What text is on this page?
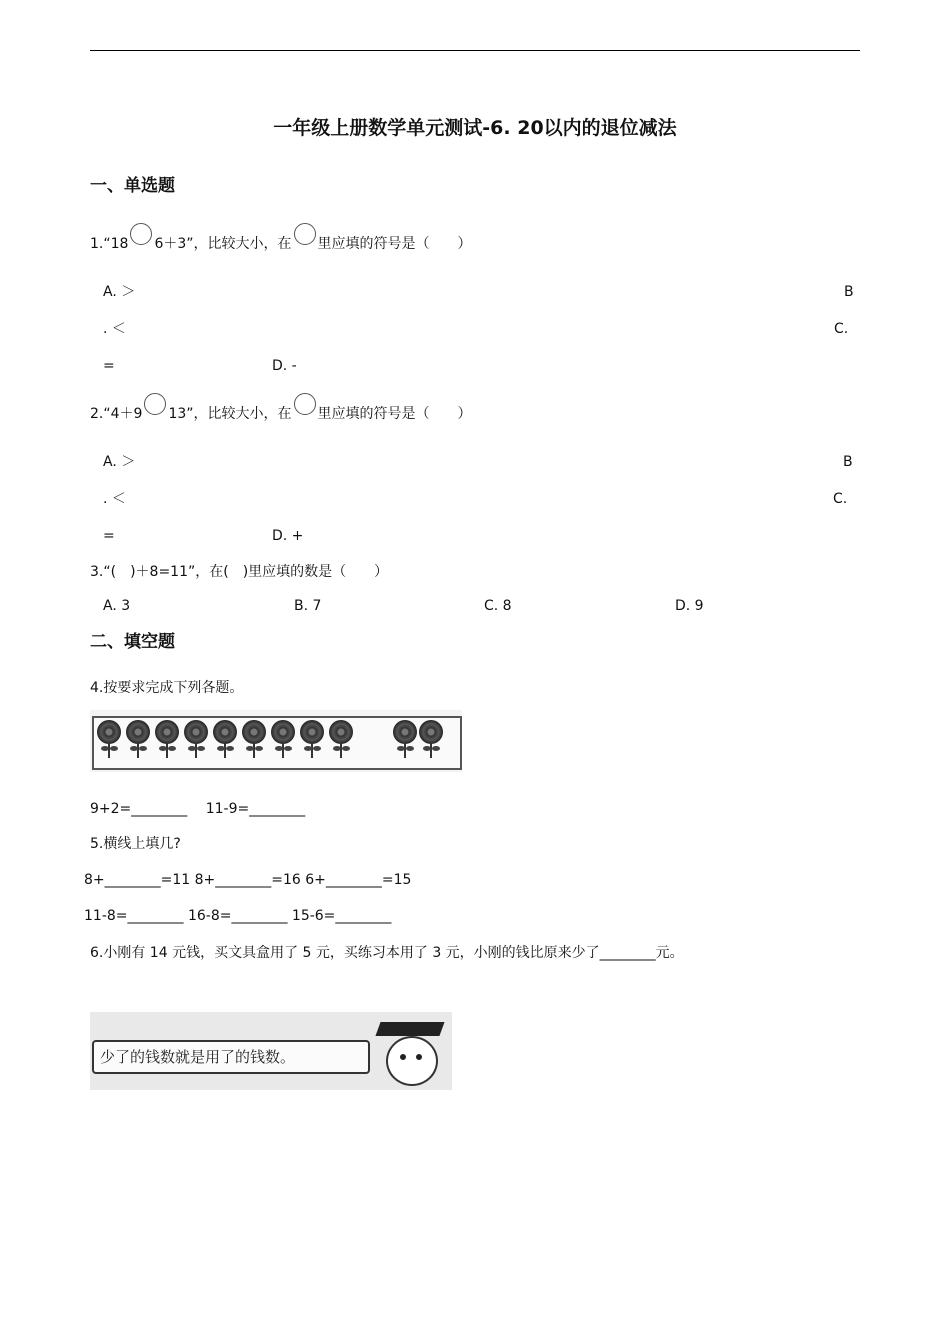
一年级上册数学单元测试-6. 20以内的退位减法
一、单选题
1.“18 6＋3”，比较大小，在 里应填的符号是（　　）
A. ＞	B
. ＜	C.
=	D. -
2.“4＋9 13”，比较大小，在 里应填的符号是（　　）
A. ＞	B
. ＜	C.
=	D. +
3.“(　)＋8=11”，在(　)里应填的数是（　　）
A. 3	B. 7	C. 8	D. 9
二、填空题
4.按要求完成下列各题。
9+2=________　 11-9=________
5.横线上填几?
8+________=11 8+________=16 6+________=15
11-8=________ 16-8=________ 15-6=________
6.小刚有 14 元钱，买文具盒用了 5 元，买练习本用了 3 元，小刚的钱比原来少了________元。
少了的钱数就是用了的钱数。
